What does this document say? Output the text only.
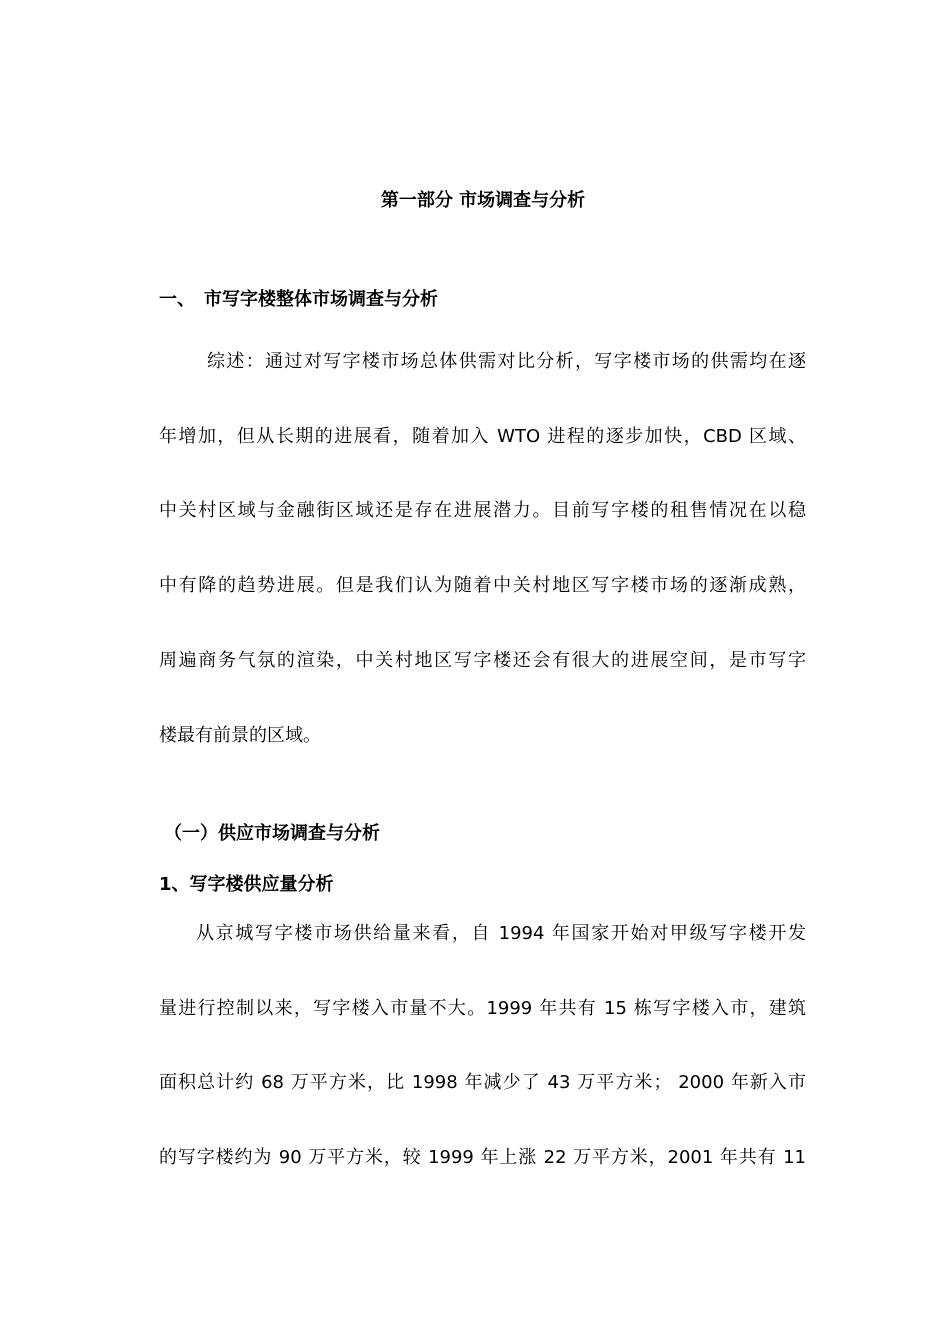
第一部分 市场调查与分析
一、　市写字楼整体市场调查与分析
综述：通过对写字楼市场总体供需对比分析，写字楼市场的供需均在逐
年增加，但从长期的进展看，随着加入 WTO 进程的逐步加快，CBD 区域、
中关村区域与金融街区域还是存在进展潜力。目前写字楼的租售情况在以稳
中有降的趋势进展。但是我们认为随着中关村地区写字楼市场的逐渐成熟，
周遍商务气氛的渲染，中关村地区写字楼还会有很大的进展空间，是市写字
楼最有前景的区域。
（一）供应市场调查与分析
1、写字楼供应量分析
从京城写字楼市场供给量来看，自 1994 年国家开始对甲级写字楼开发
量进行控制以来，写字楼入市量不大。1999 年共有 15 栋写字楼入市，建筑
面积总计约 68 万平方米，比 1998 年减少了 43 万平方米； 2000 年新入市
的写字楼约为 90 万平方米，较 1999 年上涨 22 万平方米，2001 年共有 11
